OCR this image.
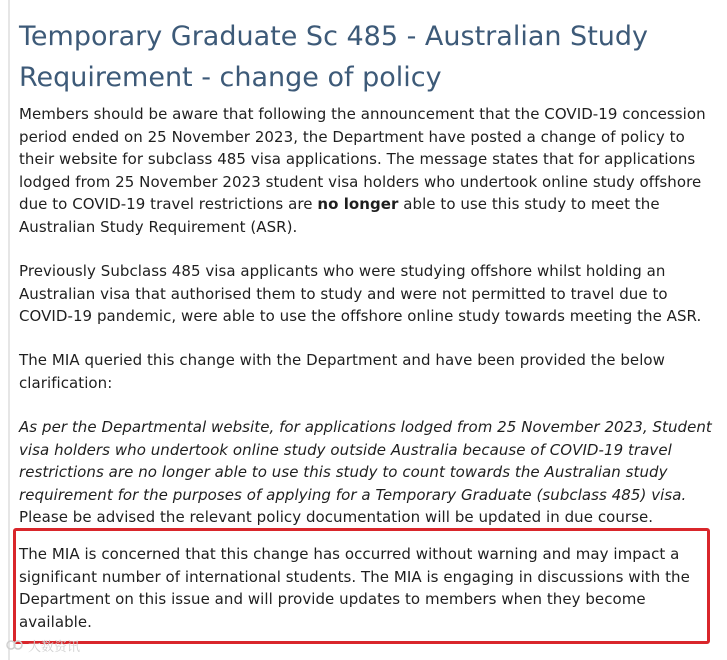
Temporary Graduate Sc 485 - Australian Study Requirement - change of policy

Members should be aware that following the announcement that the COVID-19 concession period ended on 25 November 2023, the Department have posted a change of policy to their website for subclass 485 visa applications. The message states that for applications lodged from 25 November 2023 student visa holders who undertook online study offshore due to COVID-19 travel restrictions are no longer able to use this study to meet the Australian Study Requirement (ASR).

Previously Subclass 485 visa applicants who were studying offshore whilst holding an Australian visa that authorised them to study and were not permitted to travel due to COVID-19 pandemic, were able to use the offshore online study towards meeting the ASR.

The MIA queried this change with the Department and have been provided the below clarification:

As per the Departmental website, for applications lodged from 25 November 2023, Student visa holders who undertook online study outside Australia because of COVID-19 travel restrictions are no longer able to use this study to count towards the Australian study requirement for the purposes of applying for a Temporary Graduate (subclass 485) visa. Please be advised the relevant policy documentation will be updated in due course.

The MIA is concerned that this change has occurred without warning and may impact a significant number of international students. The MIA is engaging in discussions with the Department on this issue and will provide updates to members when they become available.

大数资讯
